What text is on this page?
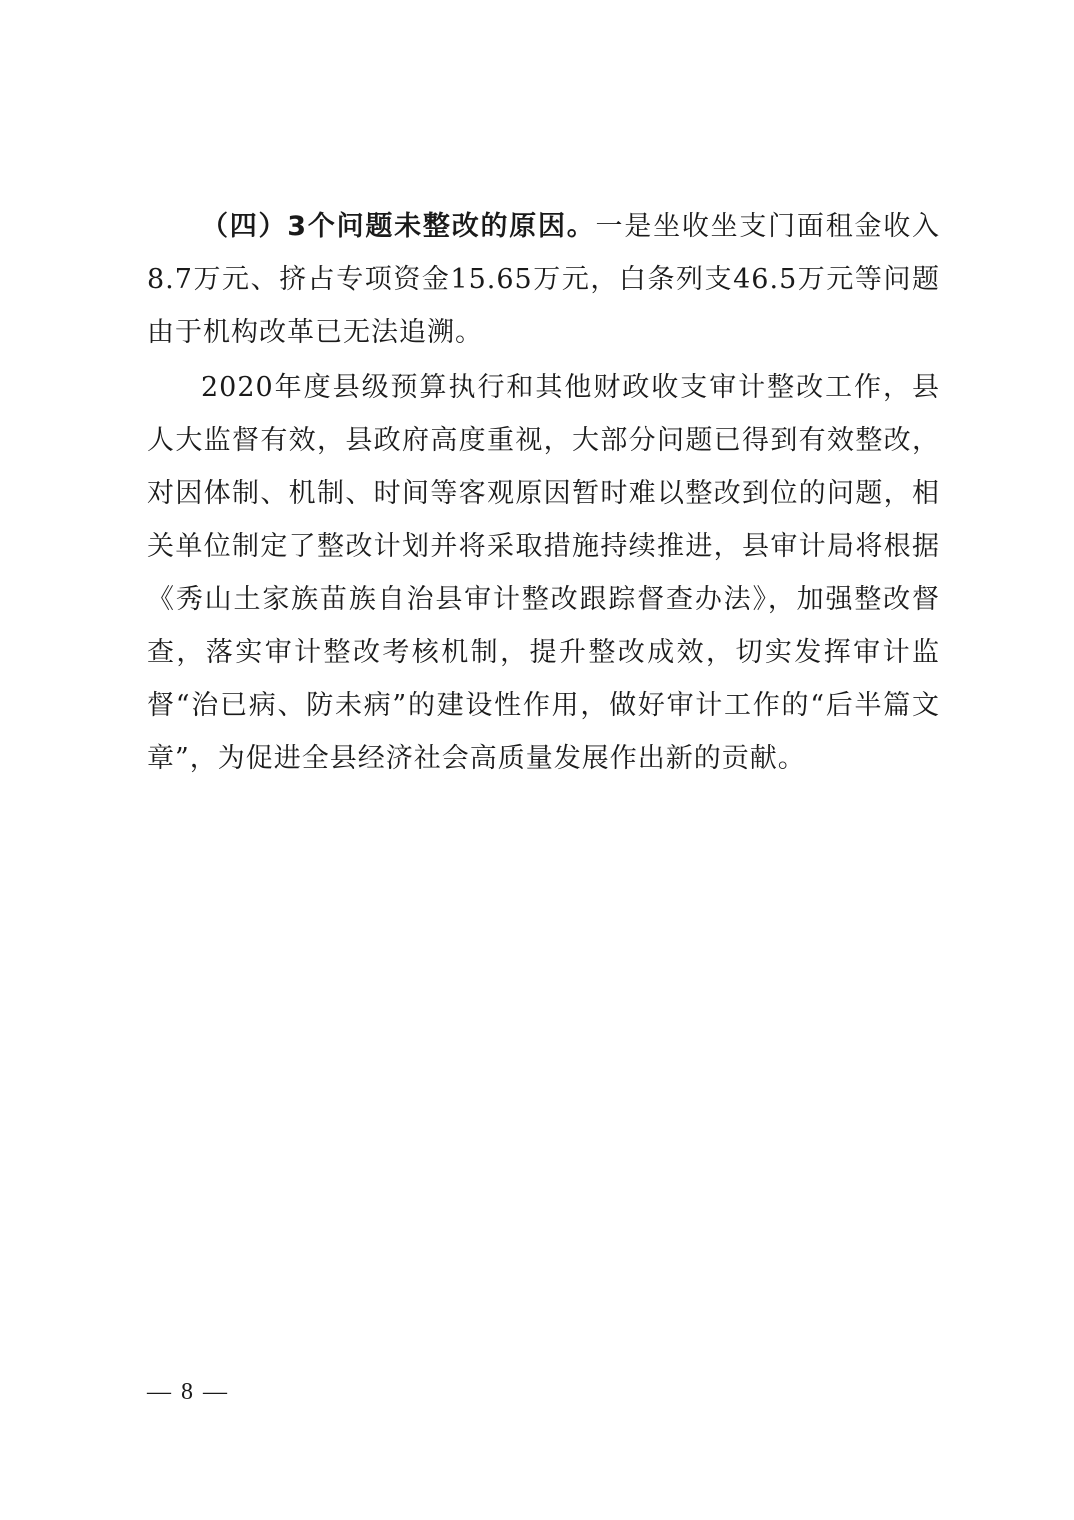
（四）3个问题未整改的原因。一是坐收坐支门面租金收入8.7万元、挤占专项资金15.65万元，白条列支46.5万元等问题由于机构改革已无法追溯。

2020年度县级预算执行和其他财政收支审计整改工作，县人大监督有效，县政府高度重视，大部分问题已得到有效整改，对因体制、机制、时间等客观原因暂时难以整改到位的问题，相关单位制定了整改计划并将采取措施持续推进，县审计局将根据《秀山土家族苗族自治县审计整改跟踪督查办法》，加强整改督查，落实审计整改考核机制，提升整改成效，切实发挥审计监督“治已病、防未病”的建设性作用，做好审计工作的“后半篇文章”，为促进全县经济社会高质量发展作出新的贡献。

— 8 —
